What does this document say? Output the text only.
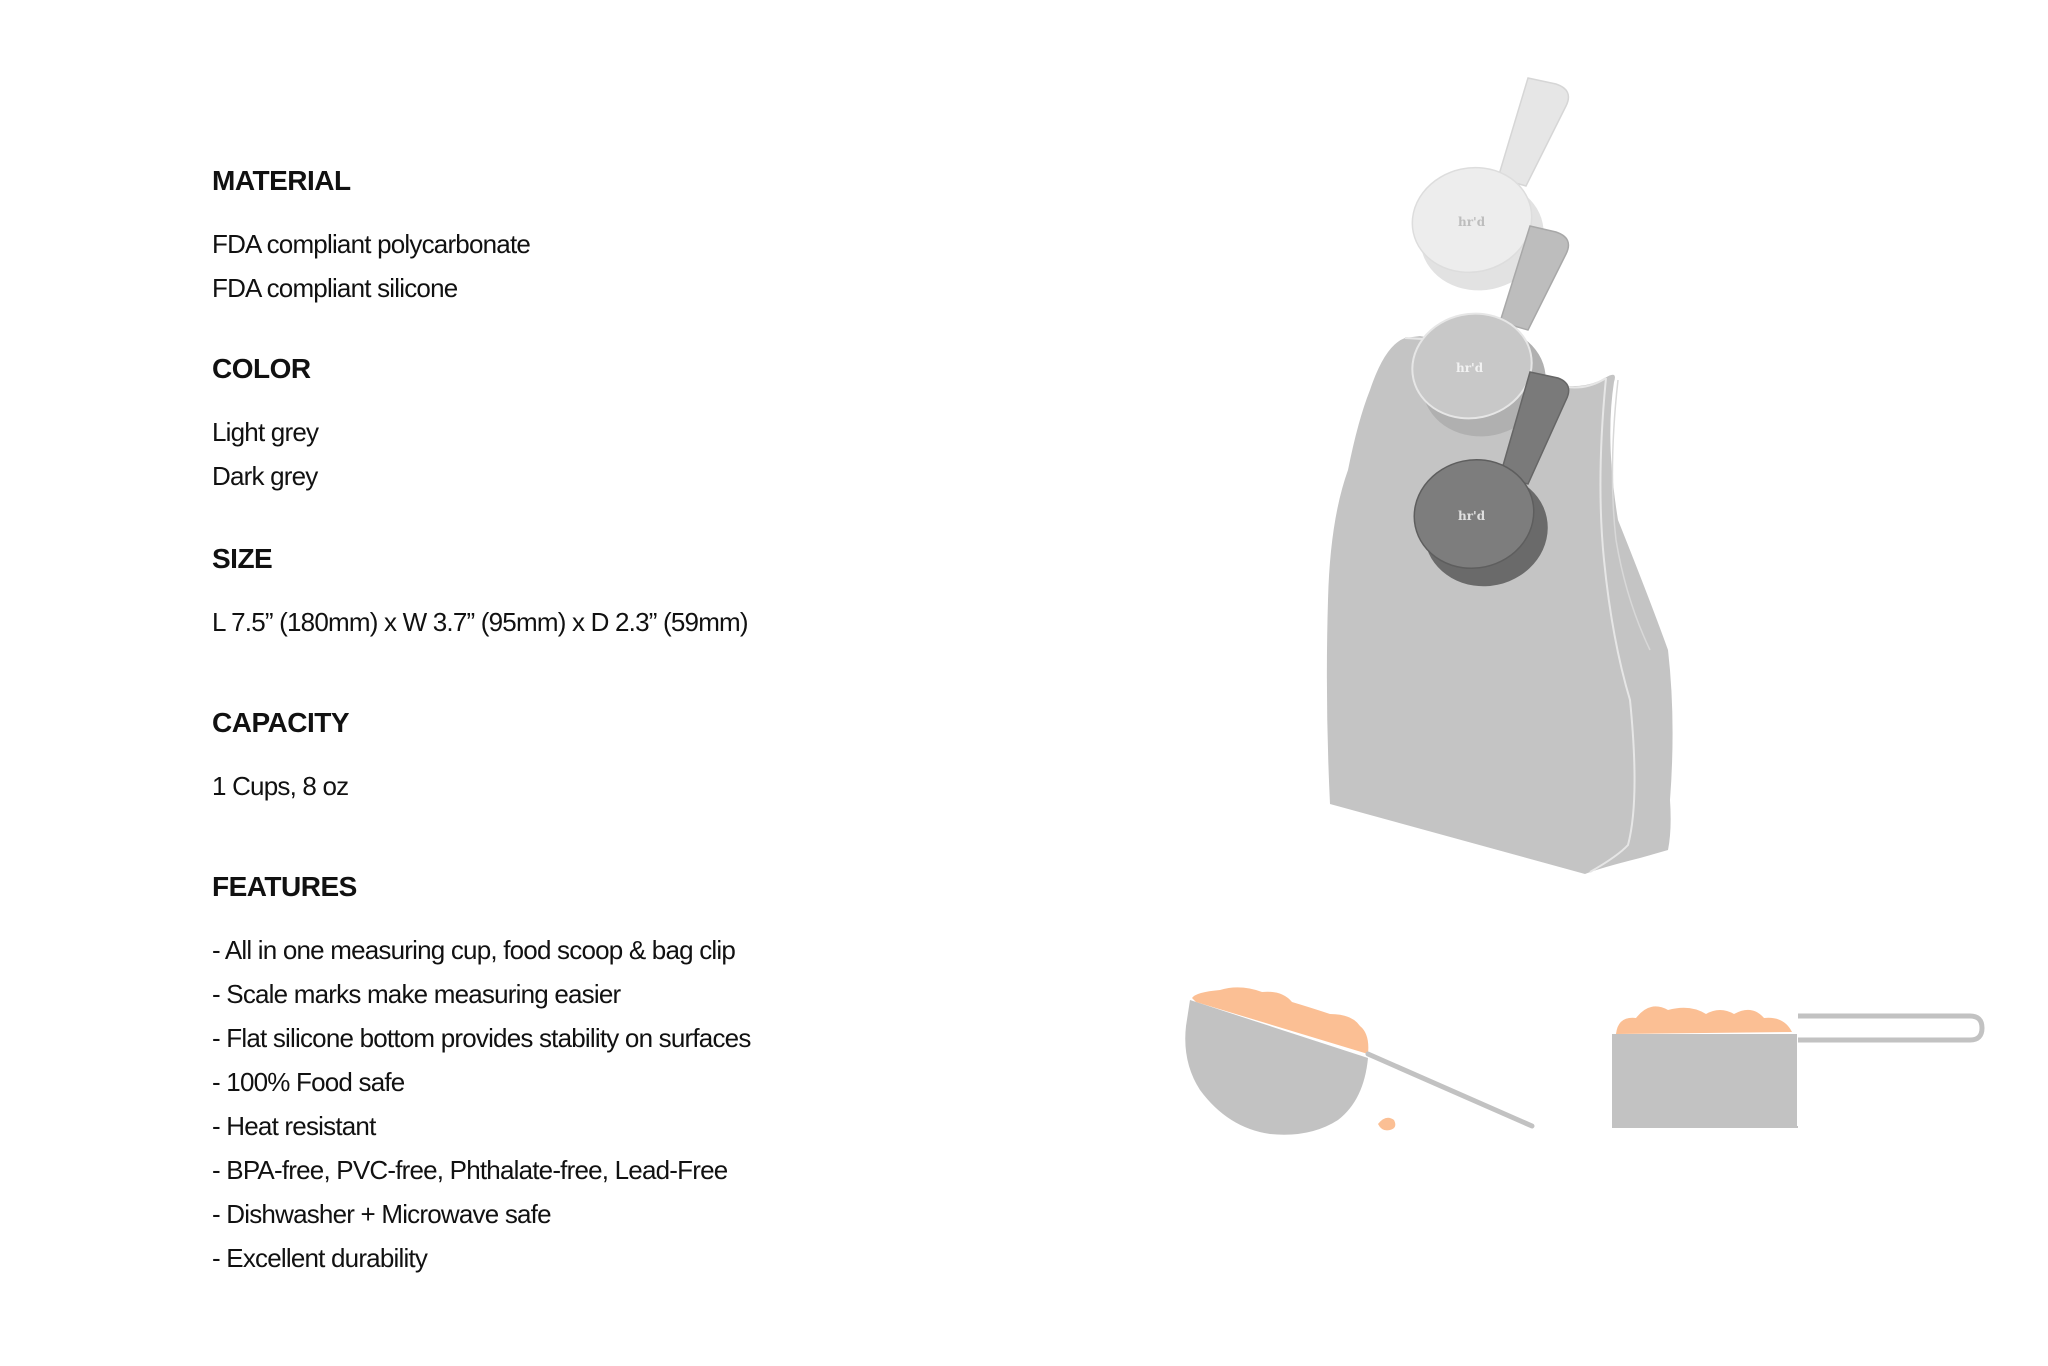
MATERIAL
FDA compliant polycarbonate
FDA compliant silicone
COLOR
Light grey
Dark grey
SIZE
L 7.5” (180mm) x W 3.7” (95mm) x D 2.3” (59mm)
CAPACITY
1 Cups, 8 oz
FEATURES
- All in one measuring cup, food scoop & bag clip
- Scale marks make measuring easier
- Flat silicone bottom provides stability on surfaces
- 100% Food safe
- Heat resistant
- BPA-free, PVC-free, Phthalate-free, Lead-Free
- Dishwasher + Microwave safe
- Excellent durability
hr'd
hr'd
hr'd
